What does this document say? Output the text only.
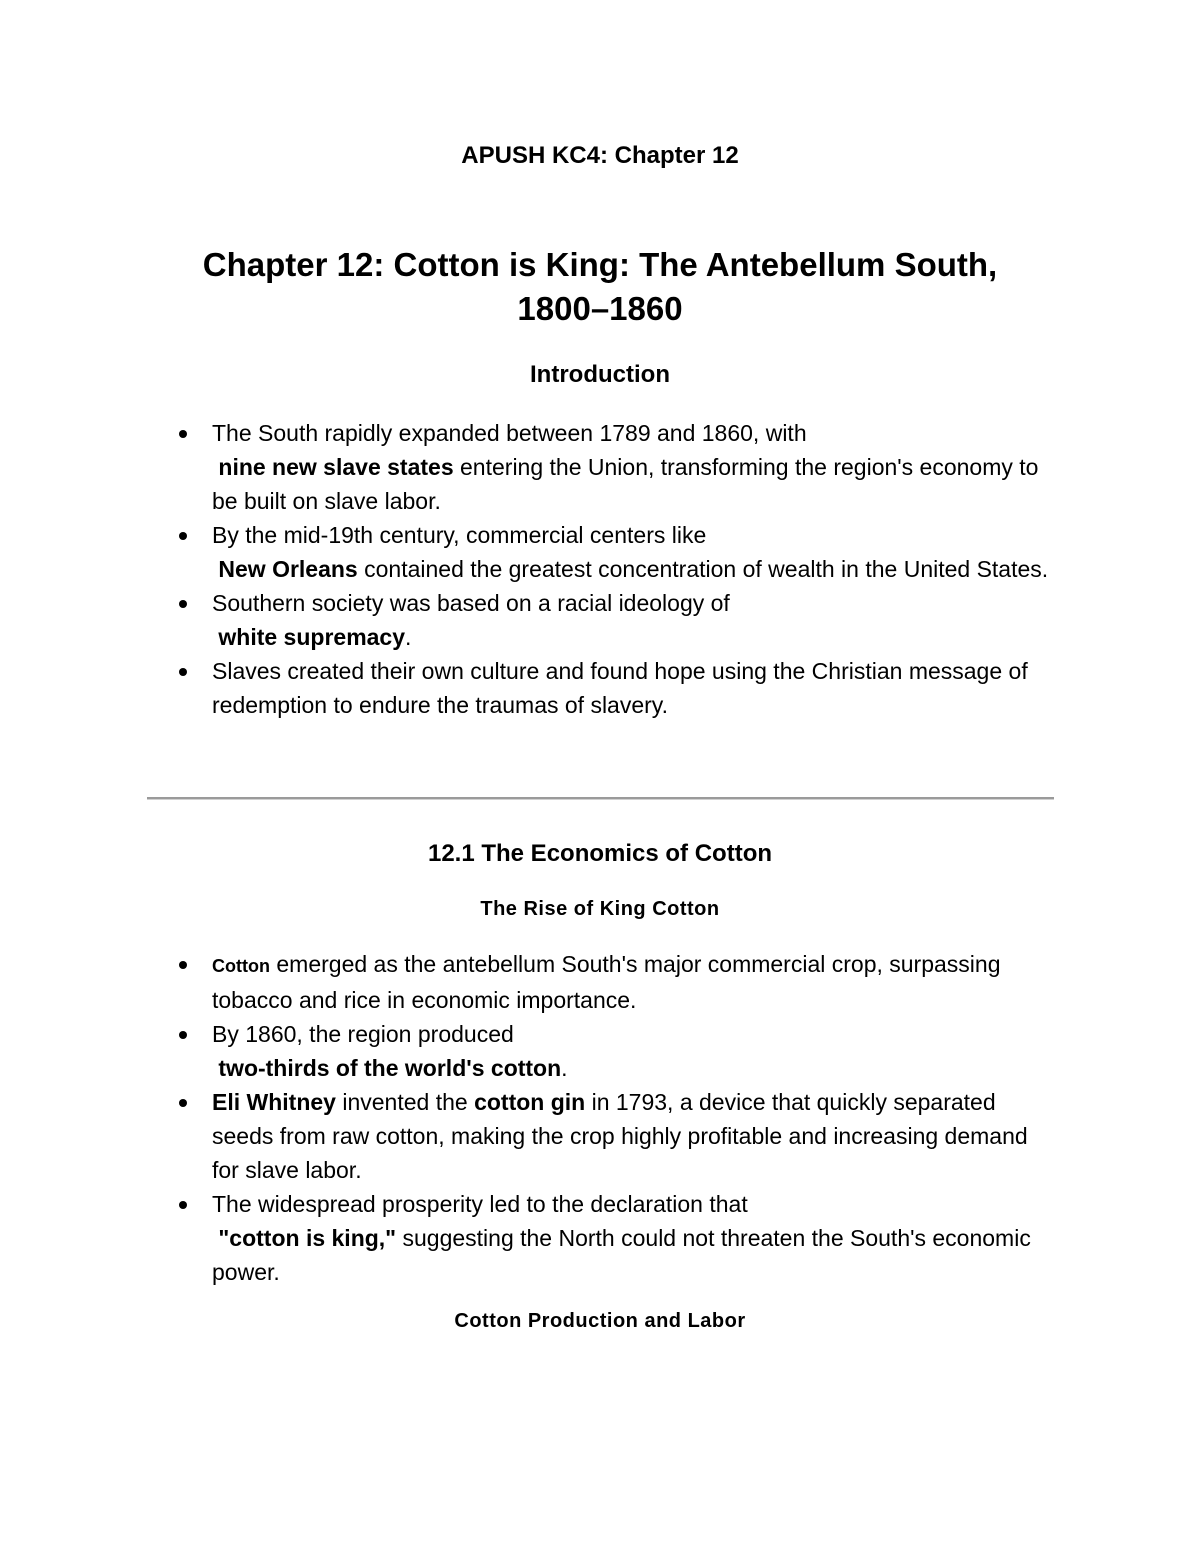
APUSH KC4: Chapter 12
Chapter 12: Cotton is King: The Antebellum South,
1800–1860
Introduction
The South rapidly expanded between 1789 and 1860, with
nine new slave states entering the Union, transforming the region's economy to be built on slave labor.
By the mid-19th century, commercial centers like
New Orleans contained the greatest concentration of wealth in the United States.
Southern society was based on a racial ideology of
white supremacy.
Slaves created their own culture and found hope using the Christian message of redemption to endure the traumas of slavery.
12.1 The Economics of Cotton
The Rise of King Cotton
Cotton emerged as the antebellum South's major commercial crop, surpassing tobacco and rice in economic importance.
By 1860, the region produced
two-thirds of the world's cotton.
Eli Whitney invented the cotton gin in 1793, a device that quickly separated seeds from raw cotton, making the crop highly profitable and increasing demand for slave labor.
The widespread prosperity led to the declaration that
"cotton is king," suggesting the North could not threaten the South's economic power.
Cotton Production and Labor
